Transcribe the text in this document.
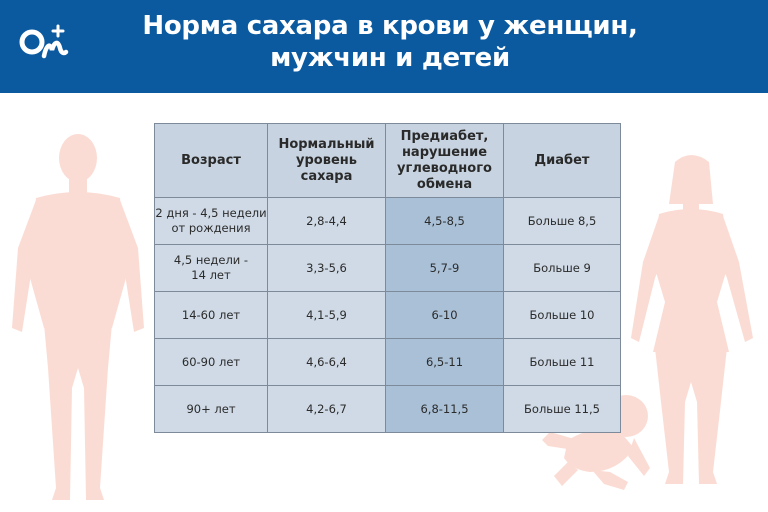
Норма сахара в крови у женщин,
мужчин и детей
Возраст	Нормальный
уровень
сахара	Предиабет,
нарушение
углеводного
обмена	Диабет

2 дня - 4,5 недели
от рождения	2,8-4,4	4,5-8,5	Больше 8,5

4,5 недели -
14 лет	3,3-5,6	5,7-9	Больше 9

14-60 лет	4,1-5,9	6-10	Больше 10

60-90 лет	4,6-6,4	6,5-11	Больше 11

90+ лет	4,2-6,7	6,8-11,5	Больше 11,5
